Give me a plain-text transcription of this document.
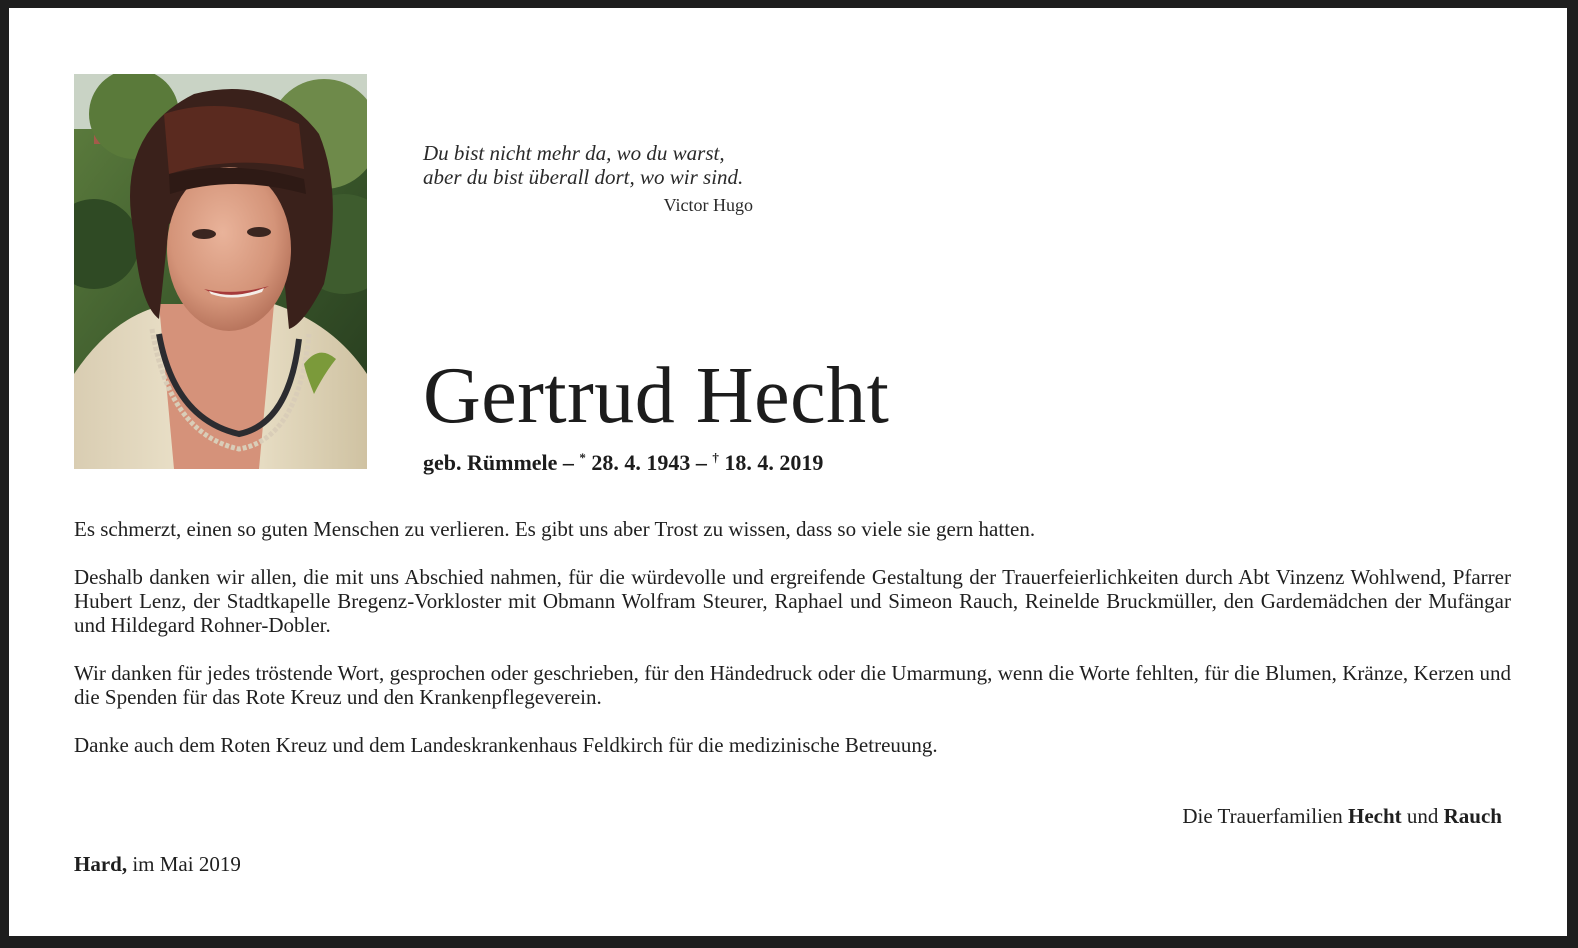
Du bist nicht mehr da, wo du warst,
aber du bist überall dort, wo wir sind.
Victor Hugo
Gertrud Hecht
geb. Rümmele – * 28. 4. 1943 – † 18. 4. 2019

Es schmerzt, einen so guten Menschen zu verlieren. Es gibt uns aber Trost zu wissen, dass so viele sie gern hatten.

Deshalb danken wir allen, die mit uns Abschied nahmen, für die würdevolle und ergreifende Gestaltung der Trauerfeierlichkeiten durch Abt Vinzenz Wohlwend, Pfarrer Hubert Lenz, der Stadtkapelle Bregenz-Vorkloster mit Obmann Wolfram Steurer, Raphael und Simeon Rauch, Reinelde Bruckmüller, den Gardemädchen der Mufängar und Hildegard Rohner-Dobler.

Wir danken für jedes tröstende Wort, gesprochen oder geschrieben, für den Händedruck oder die Umarmung, wenn die Worte fehlten, für die Blumen, Kränze, Kerzen und die Spenden für das Rote Kreuz und den Krankenpflegeverein.

Danke auch dem Roten Kreuz und dem Landeskrankenhaus Feldkirch für die medizinische Betreuung.

Die Trauerfamilien Hecht und Rauch
Hard, im Mai 2019
